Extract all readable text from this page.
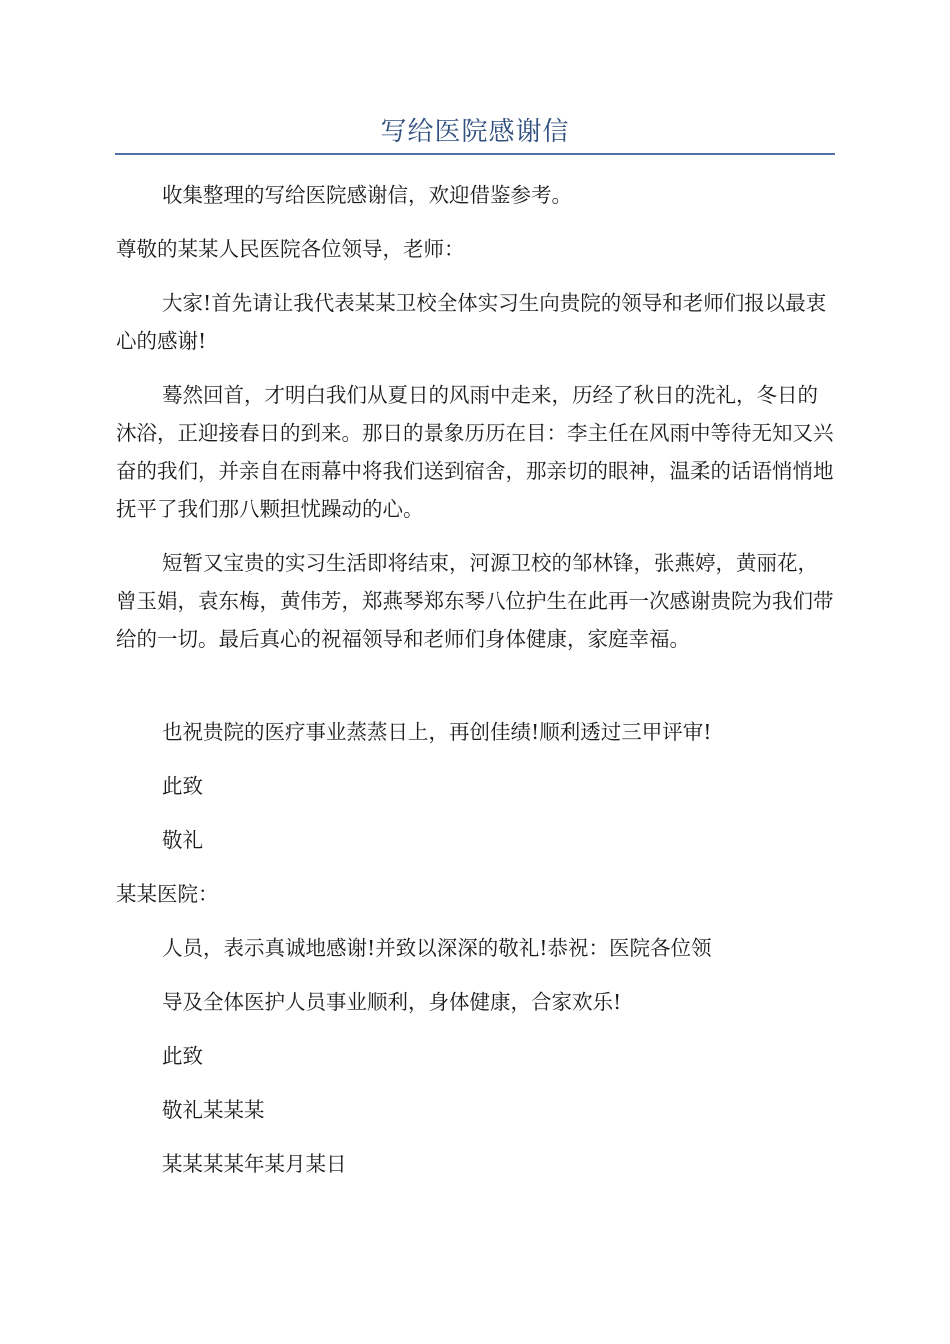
写给医院感谢信

收集整理的写给医院感谢信，欢迎借鉴参考。

尊敬的某某人民医院各位领导，老师：

大家!首先请让我代表某某卫校全体实习生向贵院的领导和老师们报以最衷心的感谢!

蓦然回首，才明白我们从夏日的风雨中走来，历经了秋日的洗礼，冬日的沐浴，正迎接春日的到来。那日的景象历历在目：李主任在风雨中等待无知又兴奋的我们，并亲自在雨幕中将我们送到宿舍，那亲切的眼神，温柔的话语悄悄地抚平了我们那八颗担忧躁动的心。

短暂又宝贵的实习生活即将结束，河源卫校的邹林锋，张燕婷，黄丽花，曾玉娟，袁东梅，黄伟芳，郑燕琴郑东琴八位护生在此再一次感谢贵院为我们带给的一切。最后真心的祝福领导和老师们身体健康，家庭幸福。

也祝贵院的医疗事业蒸蒸日上，再创佳绩!顺利透过三甲评审!

此致

敬礼

某某医院：

人员，表示真诚地感谢!并致以深深的敬礼!恭祝：医院各位领

导及全体医护人员事业顺利，身体健康，合家欢乐!

此致

敬礼某某某

某某某某年某月某日
